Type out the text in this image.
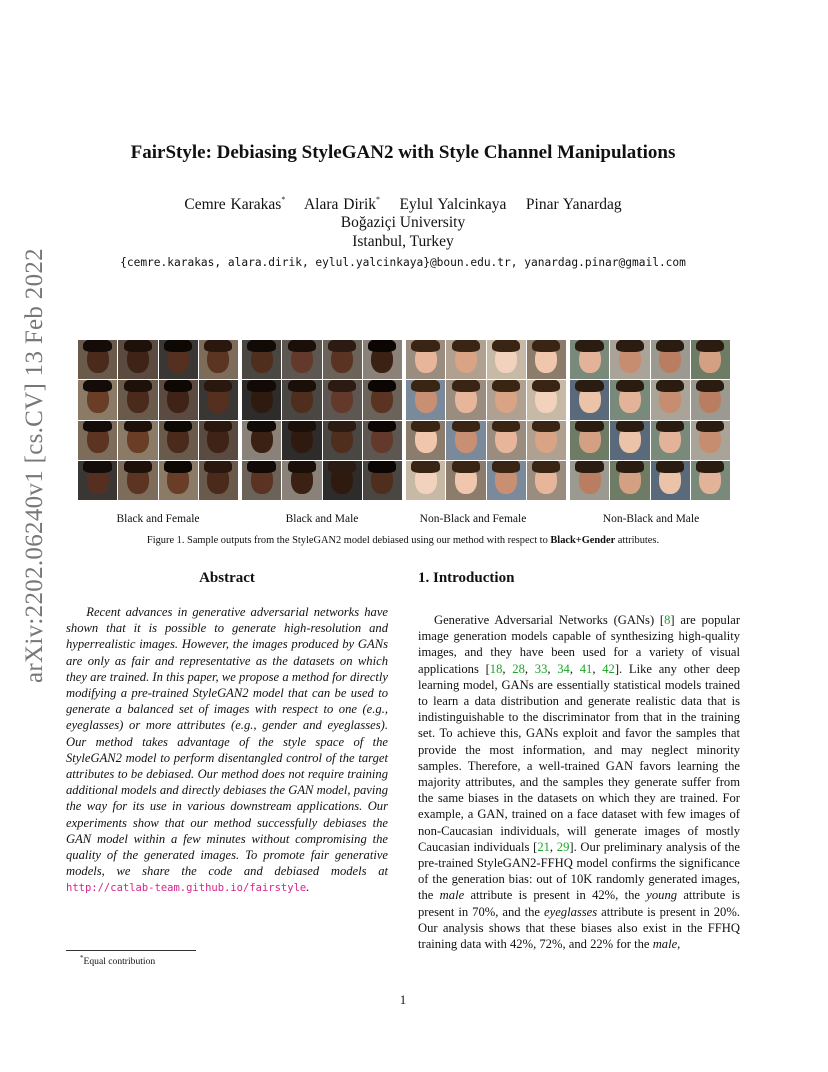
arXiv:2202.06240v1 [cs.CV] 13 Feb 2022
FairStyle: Debiasing StyleGAN2 with Style Channel Manipulations
Cemre Karakas* Alara Dirik* Eylul Yalcinkaya Pinar Yanardag
Boğaziçi University
Istanbul, Turkey
{cemre.karakas, alara.dirik, eylul.yalcinkaya}@boun.edu.tr, yanardag.pinar@gmail.com
Black and Female	Black and Male	Non-Black and Female	Non-Black and Male
Figure 1. Sample outputs from the StyleGAN2 model debiased using our method with respect to Black+Gender attributes.
Abstract	1. Introduction
Recent advances in generative adversarial networks have shown that it is possible to generate high-resolution and hyperrealistic images. However, the images produced by GANs are only as fair and representative as the datasets on which they are trained. In this paper, we propose a method for directly modifying a pre-trained StyleGAN2 model that can be used to generate a balanced set of images with respect to one (e.g., eyeglasses) or more attributes (e.g., gender and eyeglasses). Our method takes advantage of the style space of the StyleGAN2 model to perform disentangled control of the target attributes to be debiased. Our method does not require training additional models and directly debiases the GAN model, paving the way for its use in various downstream applications. Our experiments show that our method successfully debiases the GAN model within a few minutes without compromising the quality of the generated images. To promote fair generative models, we share the code and debiased models at http://catlab-team.github.io/fairstyle.
Generative Adversarial Networks (GANs) [8] are popular image generation models capable of synthesizing high-quality images, and they have been used for a variety of visual applications [18, 28, 33, 34, 41, 42]. Like any other deep learning model, GANs are essentially statistical models trained to learn a data distribution and generate realistic data that is indistinguishable to the discriminator from that in the training set. To achieve this, GANs exploit and favor the samples that provide the most information, and may neglect minority samples. Therefore, a well-trained GAN favors learning the majority attributes, and the samples they generate suffer from the same biases in the datasets on which they are trained. For example, a GAN, trained on a face dataset with few images of non-Caucasian individuals, will generate images of mostly Caucasian individuals [21, 29]. Our preliminary analysis of the pre-trained StyleGAN2-FFHQ model confirms the significance of the generation bias: out of 10K randomly generated images, the male attribute is present in 42%, the young attribute is present in 70%, and the eyeglasses attribute is present in 20%. Our analysis shows that these biases also exist in the FFHQ training data with 42%, 72%, and 22% for the male,
*Equal contribution
1
